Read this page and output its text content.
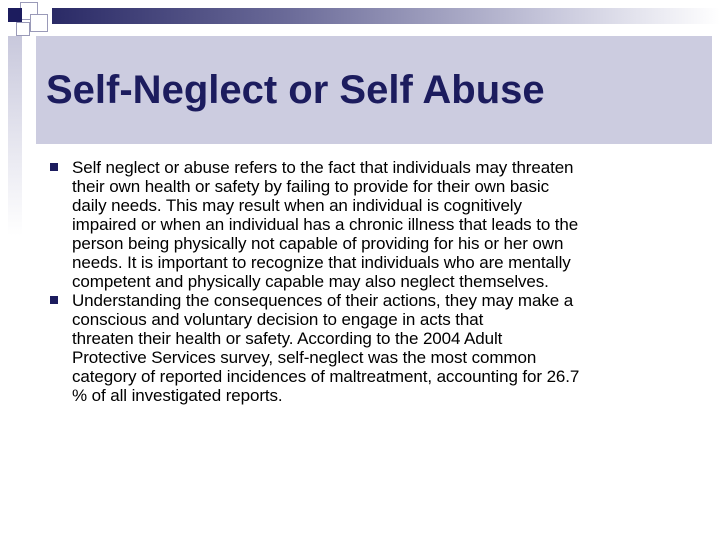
Self-Neglect or Self Abuse
Self neglect or abuse refers to the fact that individuals may threaten
their own health or safety by failing to provide for their own basic
daily needs. This may result when an individual is cognitively
impaired or when an individual has a chronic illness that leads to the
person being physically not capable of providing for his or her own
needs. It is important to recognize that individuals who are mentally
competent and physically capable may also neglect themselves.
Understanding the consequences of their actions, they may make a
conscious and voluntary decision to engage in acts that
threaten their health or safety. According to the 2004 Adult
Protective Services survey, self-neglect was the most common
category of reported incidences of maltreatment, accounting for 26.7
% of all investigated reports.
